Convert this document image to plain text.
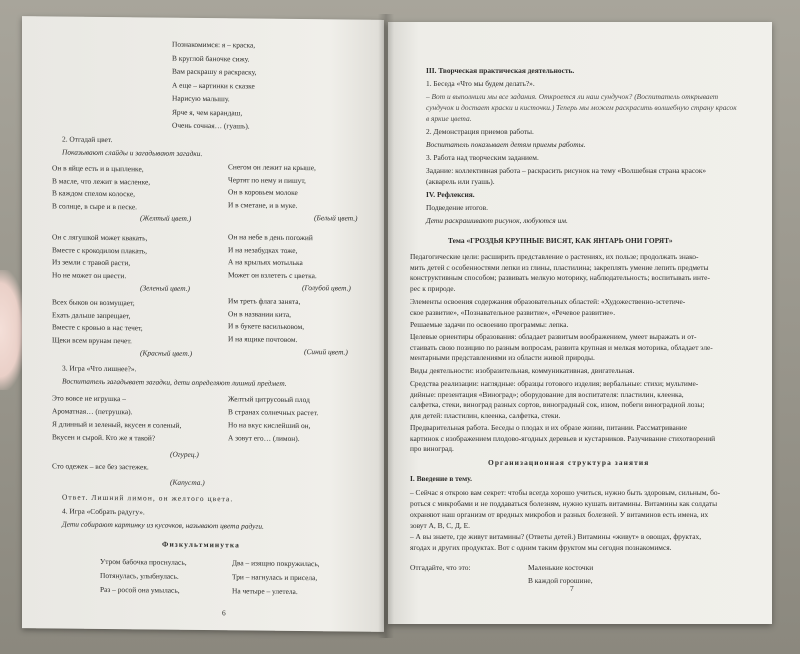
Познакомимся: я – краска,
В круглой баночке сижу.
Вам раскрашу я раскраску,
А еще – картинки к сказке
Нарисую малышу.
Ярче я, чем карандаш,
Очень сочная… (гуашь).
2. Отгадай цвет.
Показывают слайды и загадывают загадки.
Он в яйце есть и в цыпленке,
В масле, что лежит в масленке,
В каждом спелом колоске,
В солнце, в сыре и в песке.
(Желтый цвет.)
Снегом он лежит на крыше,
Чертят по нему и пишут,
Он в коровьем молоке
И в сметане, и в муке.
(Белый цвет.)
Он с лягушкой может квакать,
Вместе с крокодилом плакать,
Из земли с травой расти,
Но не может он цвести.
(Зеленый цвет.)
Он на небе в день погожий
И на незабудках тоже,
А на крыльях мотылька
Может он взлететь с цветка.
(Голубой цвет.)
Всех быков он возмущает,
Ехать дальше запрещает,
Вместе с кровью в нас течет,
Щеки всем врунам печет.
(Красный цвет.)
Им треть флага занята,
Он в названии кита,
И в букете васильковом,
И на ящике почтовом.
(Синий цвет.)
3. Игра «Что лишнее?».
Воспитатель загадывает загадки, дети определяют лишний предмет.
Это вовсе не игрушка –
Ароматная… (петрушка).
Я длинный и зеленый, вкусен я соленый,
Вкусен и сырой. Кто же я такой?
Желтый цитрусовый плод
В странах солнечных растет.
Но на вкус кислейший он,
А зовут его… (лимон).
(Огурец.)
Сто одежек – все без застежек.
(Капуста.)
Ответ. Лишний лимон, он желтого цвета.
4. Игра «Собрать радугу».
Дети собирают картинку из кусочков, называют цвета радуги.
Физкультминутка
Утром бабочка проснулась,
Потянулась, улыбнулась.
Раз – росой она умылась,
Два – изящно покружилась,
Три – нагнулась и присела,
На четыре – улетела.
6
III. Творческая практическая деятельность.
1. Беседа «Что мы будем делать?».
– Вот и выполнили мы все задания. Откроется ли наш сундучок? (Воспитатель открывает
сундучок и достает краски и кисточки.) Теперь мы можем раскрасить волшебную страну красок
в яркие цвета.
2. Демонстрация приемов работы.
Воспитатель показывает детям приемы работы.
3. Работа над творческим заданием.
Задание: коллективная работа – раскрасить рисунок на тему «Волшебная страна красок»
(акварель или гуашь).
IV. Рефлексия.
Подведение итогов.
Дети раскрашивают рисунок, любуются им.
Тема «ГРОЗДЬЯ КРУПНЫЕ ВИСЯТ, КАК ЯНТАРЬ ОНИ ГОРЯТ»
Педагогические цели: расширить представление о растениях, их пользе; продолжать знако-
мить детей с особенностями лепки из глины, пластилина; закреплять умение лепить предметы
конструктивным способом; развивать мелкую моторику, наблюдательность; воспитывать инте-
рес к природе.
Элементы освоения содержания образовательных областей: «Художественно-эстетиче-
ское развитие», «Познавательное развитие», «Речевое развитие».
Решаемые задачи по освоению программы: лепка.
Целевые ориентиры образования: обладает развитым воображением, умеет выражать и от-
стаивать свою позицию по разным вопросам, развита крупная и мелкая моторика, обладает эле-
ментарными представлениями из области живой природы.
Виды деятельности: изобразительная, коммуникативная, двигательная.
Средства реализации: наглядные: образцы готового изделия; вербальные: стихи; мультиме-
дийные: презентация «Виноград»; оборудование для воспитателя: пластилин, клеенка,
салфетка, стеки, виноград разных сортов, виноградный сок, изюм, побеги виноградной лозы;
для детей: пластилин, клеенка, салфетка, стеки.
Предварительная работа. Беседы о плодах и их образе жизни, питании. Рассматривание
картинок с изображением плодово-ягодных деревьев и кустарников. Разучивание стихотворений
про виноград.
Организационная структура занятия
I. Введение в тему.
– Сейчас я открою вам секрет: чтобы всегда хорошо учиться, нужно быть здоровым, сильным, бо-
роться с микробами и не поддаваться болезням, нужно кушать витамины. Витамины как солдаты
охраняют наш организм от вредных микробов и разных болезней. У витаминов есть имена, их
зовут А, В, С, Д, Е.
– А вы знаете, где живут витамины? (Ответы детей.) Витамины «живут» в овощах, фруктах,
ягодах и других продуктах. Вот с одним таким фруктом мы сегодня познакомимся.
Отгадайте, что это:	Маленькие косточки
В каждой горошине,
7
